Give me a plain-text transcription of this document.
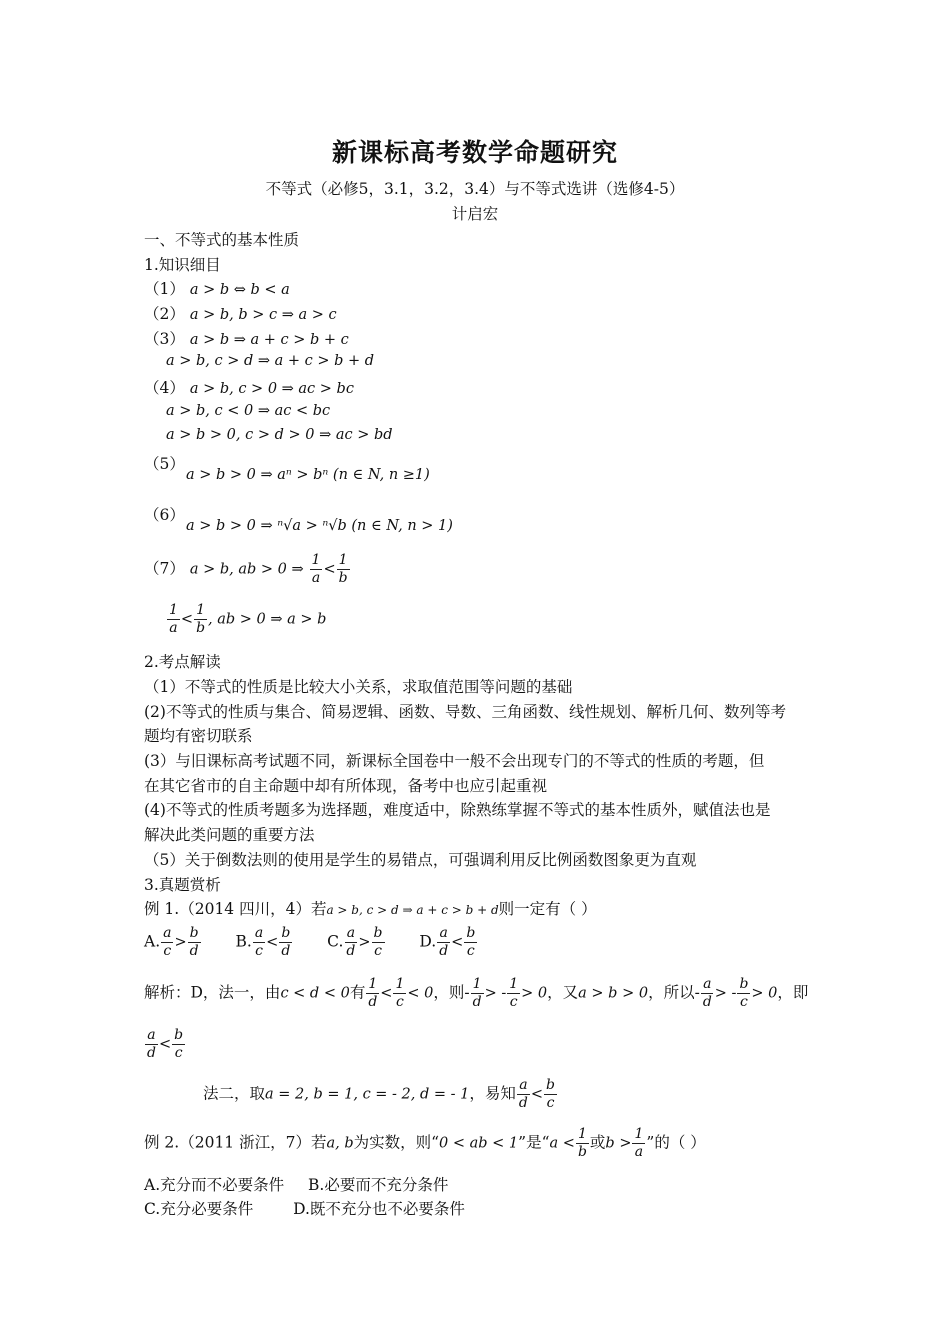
新课标高考数学命题研究
不等式（必修5，3.1，3.2，3.4）与不等式选讲（选修4-5）
计启宏
一、不等式的基本性质
1.知识细目
（1） a > b ⇔ b < a
（2） a > b, b > c ⇒ a > c
（3） a > b ⇒ a + c > b + c
a > b, c > d ⇒ a + c > b + d
（4） a > b, c > 0 ⇒ ac > bc
a > b, c < 0 ⇒ ac < bc
a > b > 0, c > d > 0 ⇒ ac > bd
（5）
a > b > 0 ⇒ aⁿ > bⁿ (n ∈ N, n ≥1)
（6）
a > b > 0 ⇒ ⁿ√a > ⁿ√b (n ∈ N, n > 1)
（7） a > b, ab > 0 ⇒ $\frac{1}{a} < \frac{1}{b}$
$\frac{1}{a} < \frac{1}{b}$ , ab > 0 ⇒ a > b
2.考点解读
（1）不等式的性质是比较大小关系，求取值范围等问题的基础
(2)不等式的性质与集合、简易逻辑、函数、导数、三角函数、线性规划、解析几何、数列等考
题均有密切联系
(3）与旧课标高考试题不同，新课标全国卷中一般不会出现专门的不等式的性质的考题，但
在其它省市的自主命题中却有所体现，备考中也应引起重视
(4)不等式的性质考题多为选择题，难度适中，除熟练掌握不等式的基本性质外，赋值法也是
解决此类问题的重要方法
（5）关于倒数法则的使用是学生的易错点，可强调利用反比例函数图象更为直观
3.真题赏析
例 1.（2014 四川，4）若a > b, c > d ⇒ a + c > b + d则一定有（ ）
A. $\frac{a}{c} > \frac{b}{d} B$. $\frac{a}{c} < \frac{b}{d} C$. $\frac{a}{d} > \frac{b}{c} D$. $\frac{a}{d} < \frac{b}{c}$
解析：D，法一，由c < d < 0有 $\frac{1}{d} < \frac{1}{c} < 0$，则- $\frac{1}{d}$ > - $\frac{1}{c} > 0$，又a > b > 0，所以- $\frac{a}{d}$ > - $\frac{b}{c} > 0$，即
$\frac{a}{d} < \frac{b}{c}$
法二，取a = 2, b = 1, c = - 2, d = - 1，易知 $\frac{a}{d} < \frac{b}{c}$
例 2.（2011 浙江，7）若a, b为实数，则“0 < ab < 1”是“$a < \frac{1}{b}$ 或$b > \frac{1}{a}$ ”的（ ）
A.充分而不必要条件 B.必要而不充分条件
C.充分必要条件	D.既不充分也不必要条件
